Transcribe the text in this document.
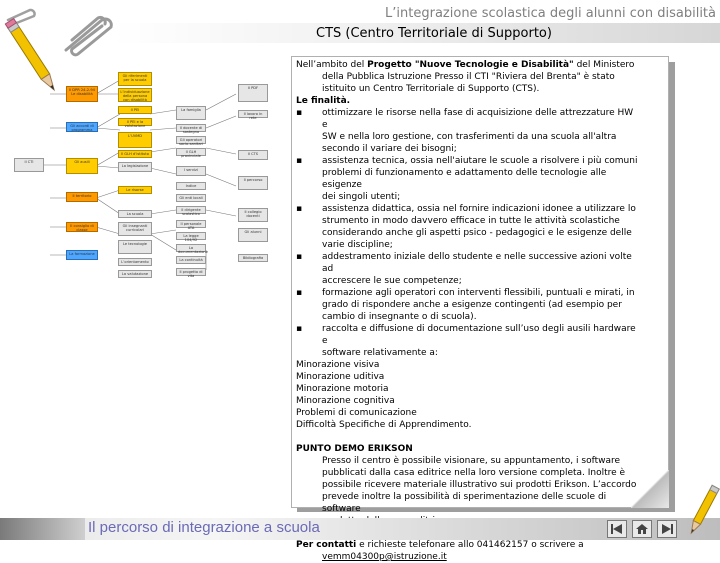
L’integrazione scolastica degli alunni con disabilità
CTS (Centro Territoriale di Supporto)
Gli riferimenti per la scuola
Il DPR 24-2-94 Le disabilità	L’individuazione della persona con disabilità
Il PDF
Il PEI	La famiglia
Il lavoro in rete
Gli accordi di programma
Il PEI e la valutazione	Il docente di sostegno
L’UVMD
Gli operatori socio-sanitari
Il GLH d’istituto	Il GLH provinciale	Il CTS
Il CTI	Gli ausili
La legislazione
I servizi
Il percorso
Il territorio
Le risorse
Indice
Gli enti locali
La scuola
Il dirigente scolastico	Il collegio docenti
Il consiglio di classe
Gli insegnanti curricolari
Il personale ATA
La legge 104/92
Gli alunni
Le tecnologie
La documentazione
La formazione
L’orientamento	La continuità
Il progetto di vita
Bibliografia
La valutazione

Nell’ambito del Progetto "Nuove Tecnologie e Disabilità" del Ministero

della Pubblica Istruzione Presso il CTI "Riviera del Brenta" è stato

istituito un Centro Territoriale di Supporto (CTS).

Le finalità.

▪	ottimizzare le risorse nella fase di acquisizione delle attrezzature HW e
SW e nella loro gestione, con trasferimenti da una scuola all'altra
secondo il variare dei bisogni;
▪	assistenza tecnica, ossia nell'aiutare le scuole a risolvere i più comuni
problemi di funzionamento e adattamento delle tecnologie alle esigenze
dei singoli utenti;
▪	assistenza didattica, ossia nel fornire indicazioni idonee a utilizzare lo
strumento in modo davvero efficace in tutte le attività scolastiche
considerando anche gli aspetti psico - pedagogici e le esigenze delle
varie discipline;
▪	addestramento iniziale dello studente e nelle successive azioni volte ad
accrescere le sue competenze;
▪	formazione agli operatori con interventi flessibili, puntuali e mirati, in
grado di rispondere anche a esigenze contingenti (ad esempio per
cambio di insegnante o di scuola).
▪	raccolta e diffusione di documentazione sull’uso degli ausili hardware e
software relativamente a:

Minorazione visiva

Minorazione uditiva

Minorazione motoria

Minorazione cognitiva

Problemi di comunicazione

Difficoltà Specifiche di Apprendimento.

PUNTO DEMO ERIKSON

Presso il centro è possibile visionare, su appuntamento, i software

pubblicati dalla casa editrice nella loro versione completa. Inoltre è

possibile ricevere materiale illustrativo sui prodotti Erikson. L’accordo

prevede inoltre la possibilità di sperimentazione delle scuole di software

Per contatti e richieste telefonare allo 041462157 o scrivere a

vemm04300p@istruzione.it

Il percorso di integrazione a scuola
